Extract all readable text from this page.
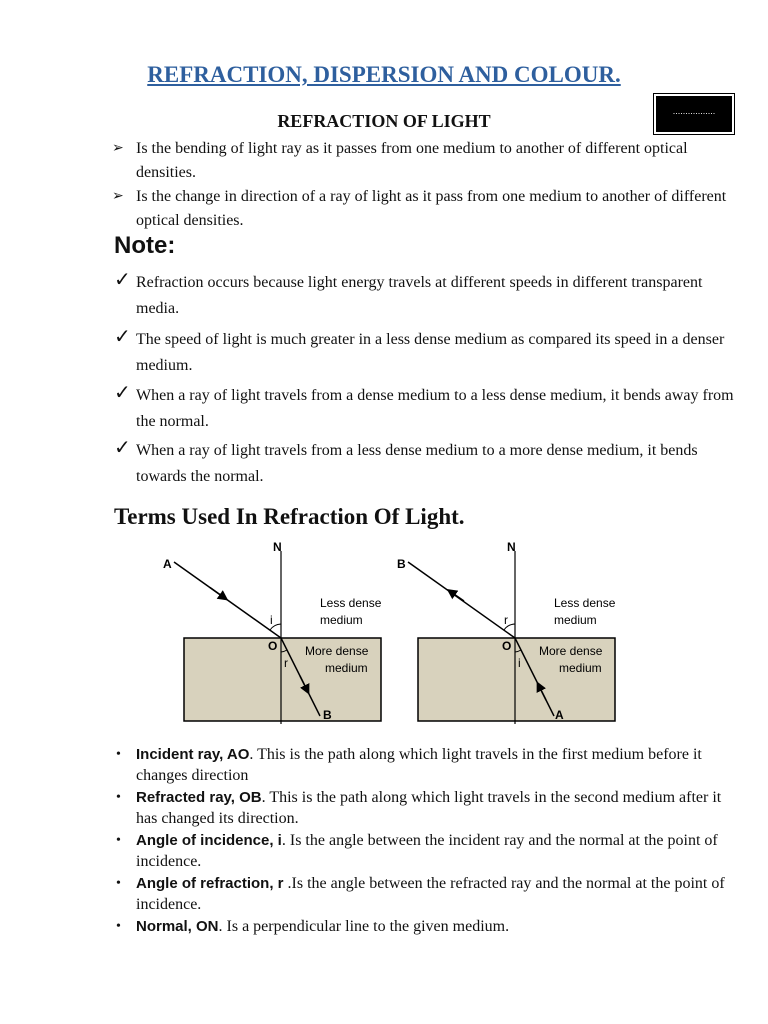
REFRACTION, DISPERSION AND COLOUR.
.................
REFRACTION OF LIGHT
➢ Is the bending of light ray as it passes from one medium to another of different optical densities.
➢ Is the change in direction of a ray of light as it pass from one medium to another of different optical densities.
Note:
✓ Refraction occurs because light energy travels at different speeds in different transparent media.
✓ The speed of light is much greater in a less dense medium as compared its speed in a denser medium.
✓ When a ray of light travels from a dense medium to a less dense medium, it bends away from the normal.
✓ When a ray of light travels from a less dense medium to a more dense medium, it bends towards the normal.
Terms Used In Refraction Of Light.
N
A
i
O
r
B
Less dense
medium
More dense
medium
N
B
r
O
i
A
Less dense
medium
More dense
medium
• Incident ray, AO. This is the path along which light travels in the first medium before it changes direction
• Refracted ray, OB. This is the path along which light travels in the second medium after it has changed its direction.
• Angle of incidence, i. Is the angle between the incident ray and the normal at the point of incidence.
• Angle of refraction, r .Is the angle between the refracted ray and the normal at the point of incidence.
• Normal, ON. Is a perpendicular line to the given medium.
